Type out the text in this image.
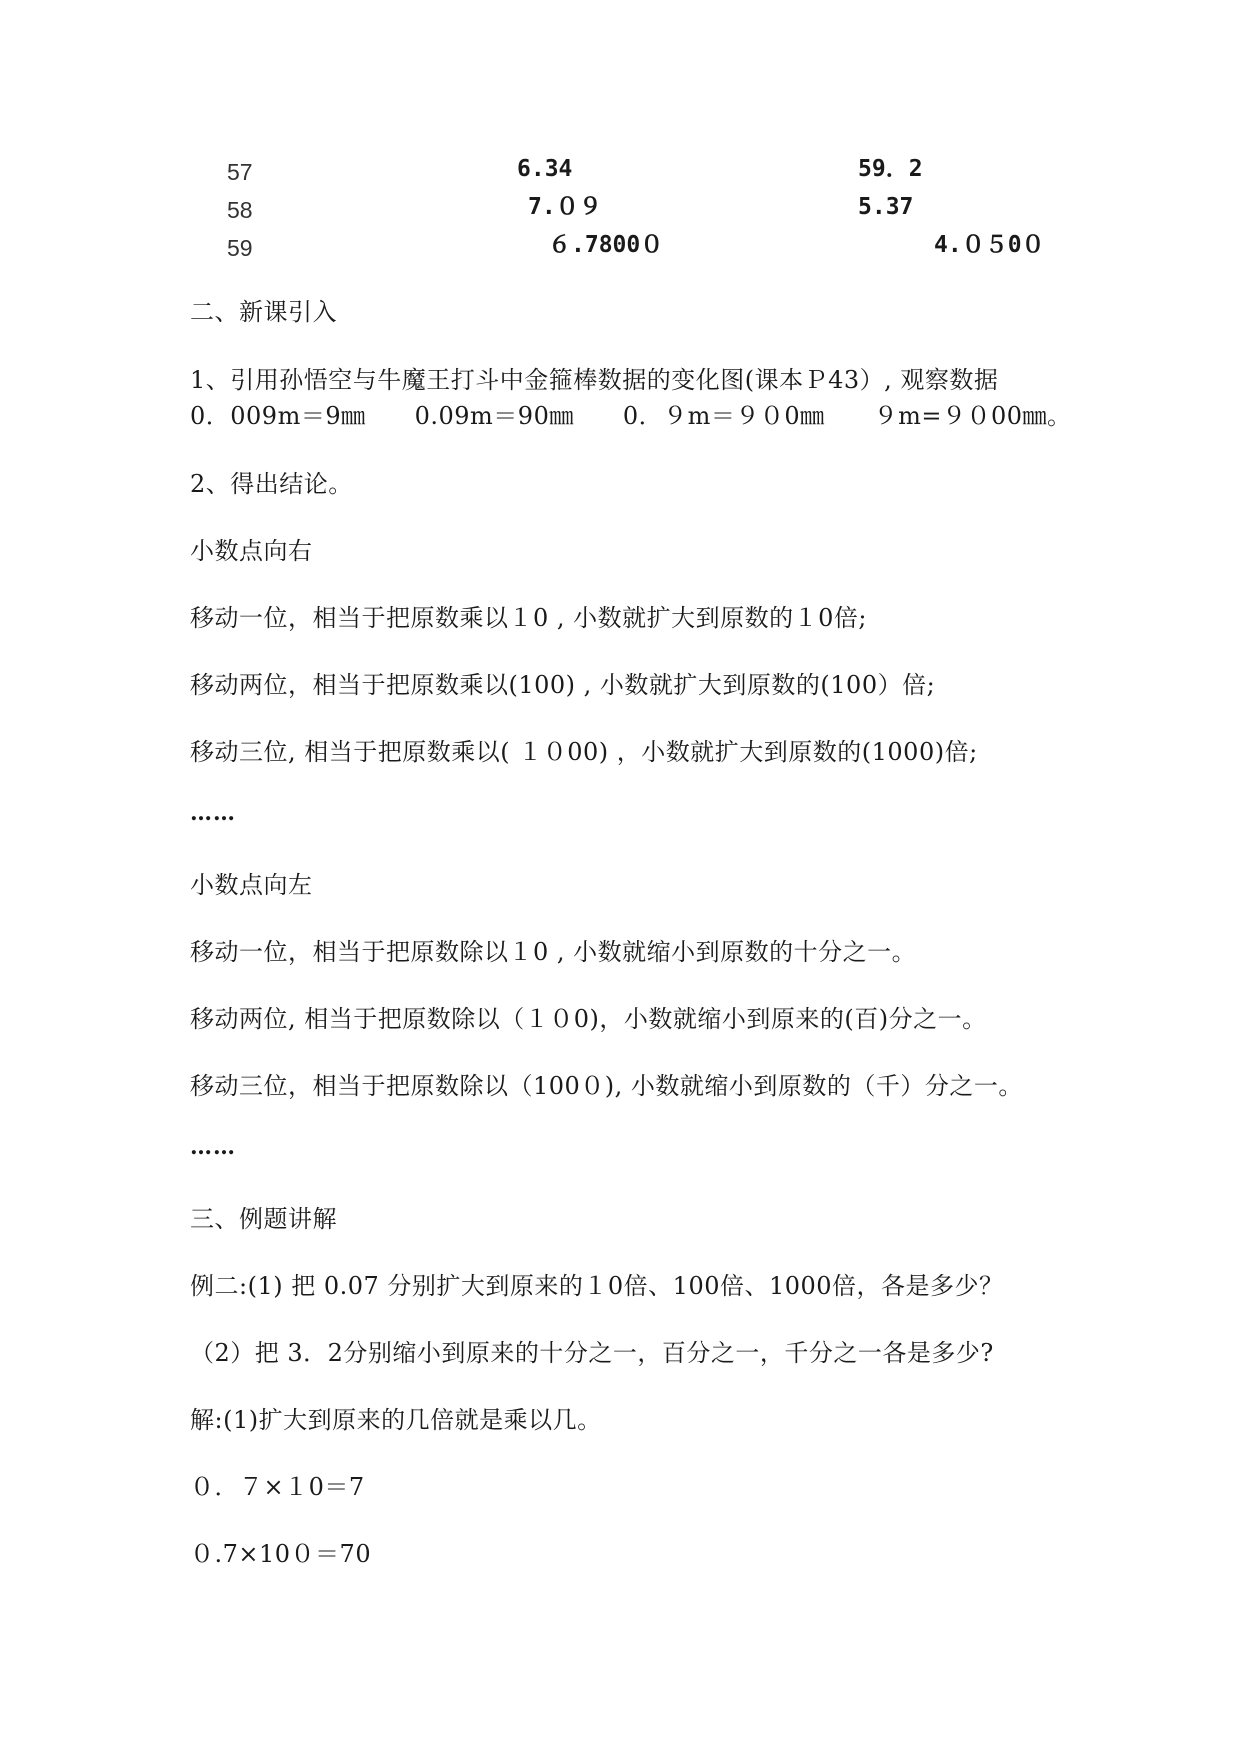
57	6.34	59．2
58	7.０９	5.37
59	６.7800０	4.０５0０
二、新课引入
1、引用孙悟空与牛魔王打斗中金箍棒数据的变化图(课本Ｐ43）, 观察数据
0．009m＝9㎜　　0.09m＝90㎜　　0．９m＝９０0㎜　　９m=９０00㎜。
2、得出结论。
小数点向右
移动一位，相当于把原数乘以１0 , 小数就扩大到原数的１0倍;
移动两位，相当于把原数乘以(100) , 小数就扩大到原数的(100）倍;
移动三位, 相当于把原数乘以( １０00) ，小数就扩大到原数的(1000)倍;
……
小数点向左
移动一位，相当于把原数除以１0 , 小数就缩小到原数的十分之一。
移动两位, 相当于把原数除以（１０0)，小数就缩小到原来的(百)分之一。
移动三位，相当于把原数除以（100０), 小数就缩小到原数的（千）分之一。
……
三、例题讲解
例二:(1) 把 0.07 分别扩大到原来的１0倍、100倍、1000倍，各是多少？
（2）把 3．2分别缩小到原来的十分之一，百分之一，千分之一各是多少?
解:(1)扩大到原来的几倍就是乘以几。
０．７×１0＝7
０.7×10０＝70
